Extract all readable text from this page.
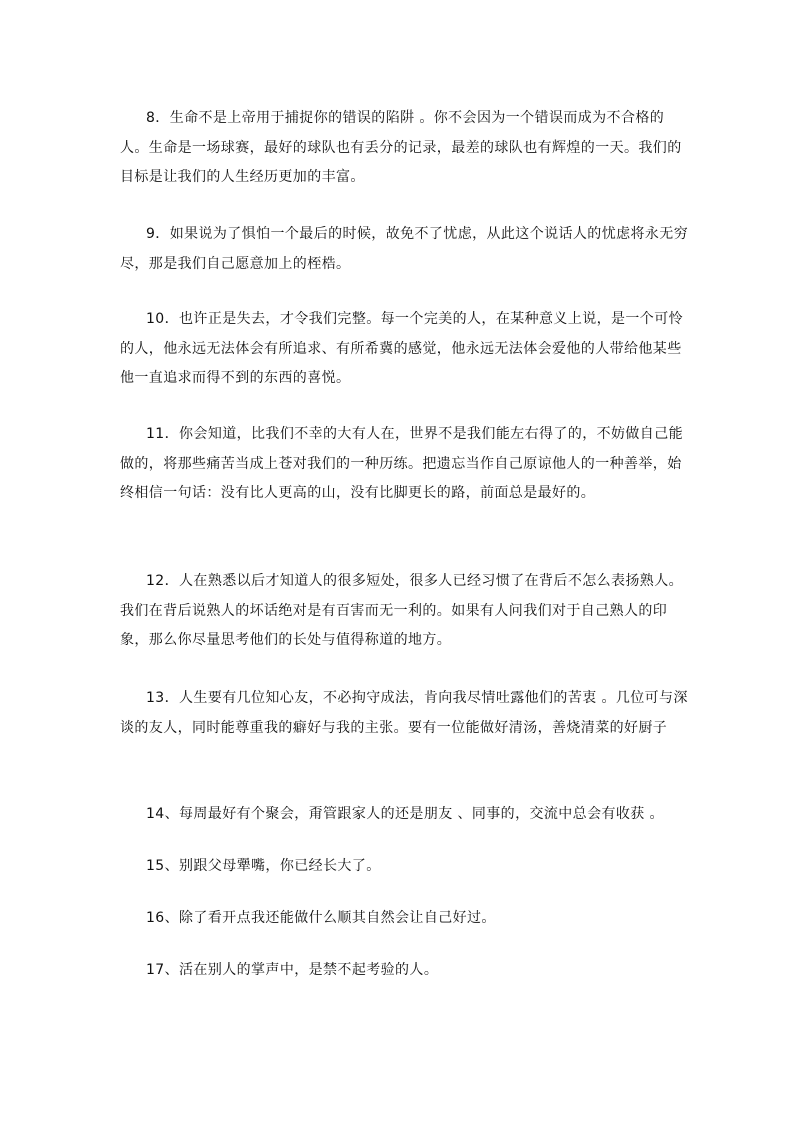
8．生命不是上帝用于捕捉你的错误的陷阱 。你不会因为一个错误而成为不合格的人。生命是一场球赛，最好的球队也有丢分的记录，最差的球队也有辉煌的一天。我们的目标是让我们的人生经历更加的丰富。

9．如果说为了惧怕一个最后的时候，故免不了忧虑，从此这个说话人的忧虑将永无穷尽，那是我们自己愿意加上的桎梏。

10．也许正是失去，才令我们完整。每一个完美的人，在某种意义上说，是一个可怜的人，他永远无法体会有所追求、有所希冀的感觉，他永远无法体会爱他的人带给他某些他一直追求而得不到的东西的喜悦。

11．你会知道，比我们不幸的大有人在，世界不是我们能左右得了的，不妨做自己能做的，将那些痛苦当成上苍对我们的一种历练。把遗忘当作自己原谅他人的一种善举，始终相信一句话：没有比人更高的山，没有比脚更长的路，前面总是最好的。

12．人在熟悉以后才知道人的很多短处，很多人已经习惯了在背后不怎么表扬熟人。我们在背后说熟人的坏话绝对是有百害而无一利的。如果有人问我们对于自己熟人的印象，那么你尽量思考他们的长处与值得称道的地方。

13．人生要有几位知心友，不必拘守成法，肯向我尽情吐露他们的苦衷 。几位可与深谈的友人，同时能尊重我的癖好与我的主张。要有一位能做好清汤，善烧清菜的好厨子

14、每周最好有个聚会，甭管跟家人的还是朋友 、同事的，交流中总会有收获 。

15、别跟父母犟嘴，你已经长大了。

16、除了看开点我还能做什么顺其自然会让自己好过。

17、活在别人的掌声中，是禁不起考验的人。
